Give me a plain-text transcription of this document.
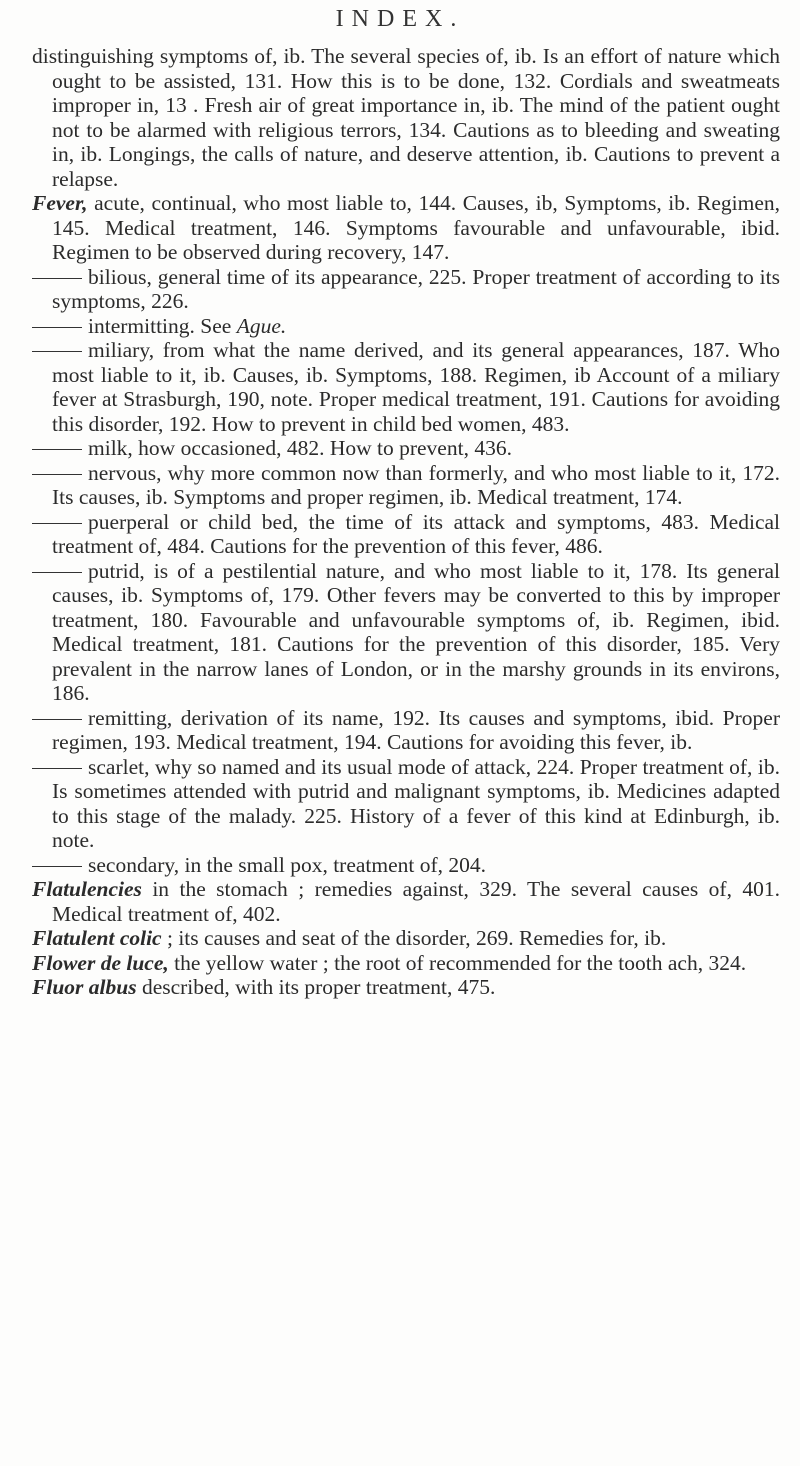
INDEX.

distinguishing symptoms of, ib. The several species of, ib. Is an effort of nature which ought to be assisted, 131. How this is to be done, 132. Cordials and sweatmeats improper in, 13 . Fresh air of great importance in, ib. The mind of the patient ought not to be alarmed with religious terrors, 134. Cautions as to bleeding and sweating in, ib. Longings, the calls of nature, and deserve attention, ib. Cautions to prevent a relapse.

Fever, acute, continual, who most liable to, 144. Causes, ib, Symptoms, ib. Regimen, 145. Medical treatment, 146. Symptoms favourable and unfavourable, ibid. Regimen to be observed during recovery, 147.

bilious, general time of its appearance, 225. Proper treatment of according to its symptoms, 226.

intermitting. See Ague.

miliary, from what the name derived, and its general appearances, 187. Who most liable to it, ib. Causes, ib. Symptoms, 188. Regimen, ib Account of a miliary fever at Strasburgh, 190, note. Proper medical treatment, 191. Cautions for avoiding this disorder, 192. How to prevent in child bed women, 483.

milk, how occasioned, 482. How to prevent, 436.

nervous, why more common now than formerly, and who most liable to it, 172. Its causes, ib. Symptoms and proper regimen, ib. Medical treatment, 174.

puerperal or child bed, the time of its attack and symptoms, 483. Medical treatment of, 484. Cautions for the prevention of this fever, 486.

putrid, is of a pestilential nature, and who most liable to it, 178. Its general causes, ib. Symptoms of, 179. Other fevers may be converted to this by improper treatment, 180. Favourable and unfavourable symptoms of, ib. Regimen, ibid. Medical treatment, 181. Cautions for the prevention of this disorder, 185. Very prevalent in the narrow lanes of London, or in the marshy grounds in its environs, 186.

remitting, derivation of its name, 192. Its causes and symptoms, ibid. Proper regimen, 193. Medical treatment, 194. Cautions for avoiding this fever, ib.

scarlet, why so named and its usual mode of attack, 224. Proper treatment of, ib. Is sometimes attended with putrid and malignant symptoms, ib. Medicines adapted to this stage of the malady. 225. History of a fever of this kind at Edinburgh, ib. note.

secondary, in the small pox, treatment of, 204.

Flatulencies in the stomach ; remedies against, 329. The several causes of, 401. Medical treatment of, 402.

Flatulent colic ; its causes and seat of the disorder, 269. Remedies for, ib.

Flower de luce, the yellow water ; the root of recommended for the tooth ach, 324.

Fluor albus described, with its proper treatment, 475.
